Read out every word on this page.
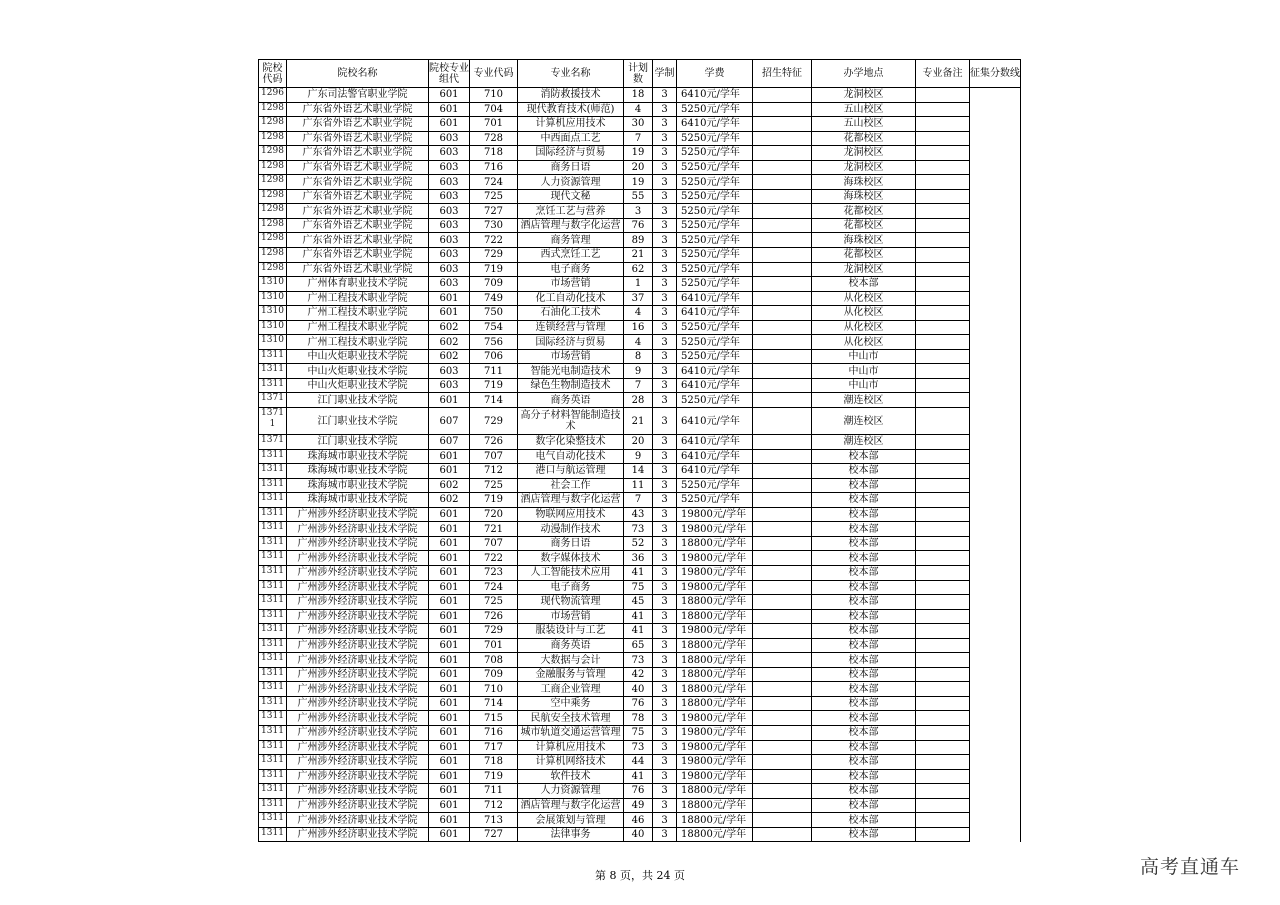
院校代码	院校名称	院校专业组代	专业代码	专业名称	计划数	学制	学费	招生特征	办学地点	专业备注	征集分数线
1296	广东司法警官职业学院	601	710	消防救援技术	18	3	6410元/学年		龙洞校区		
1298	广东省外语艺术职业学院	601	704	现代教育技术(师范)	4	3	5250元/学年		五山校区		
1298	广东省外语艺术职业学院	601	701	计算机应用技术	30	3	6410元/学年		五山校区		
1298	广东省外语艺术职业学院	603	728	中西面点工艺	7	3	5250元/学年		花都校区		
1298	广东省外语艺术职业学院	603	718	国际经济与贸易	19	3	5250元/学年		龙洞校区		
1298	广东省外语艺术职业学院	603	716	商务日语	20	3	5250元/学年		龙洞校区		
1298	广东省外语艺术职业学院	603	724	人力资源管理	19	3	5250元/学年		海珠校区		
1298	广东省外语艺术职业学院	603	725	现代文秘	55	3	5250元/学年		海珠校区		
1298	广东省外语艺术职业学院	603	727	烹饪工艺与营养	3	3	5250元/学年		花都校区		
1298	广东省外语艺术职业学院	603	730	酒店管理与数字化运营	76	3	5250元/学年		花都校区		
1298	广东省外语艺术职业学院	603	722	商务管理	89	3	5250元/学年		海珠校区		
1298	广东省外语艺术职业学院	603	729	西式烹饪工艺	21	3	5250元/学年		花都校区		
1298	广东省外语艺术职业学院	603	719	电子商务	62	3	5250元/学年		龙洞校区		
1310	广州体育职业技术学院	603	709	市场营销	1	3	5250元/学年		校本部		
1310	广州工程技术职业学院	601	749	化工自动化技术	37	3	6410元/学年		从化校区		
1310	广州工程技术职业学院	601	750	石油化工技术	4	3	6410元/学年		从化校区		
1310	广州工程技术职业学院	602	754	连锁经营与管理	16	3	5250元/学年		从化校区		
1310	广州工程技术职业学院	602	756	国际经济与贸易	4	3	5250元/学年		从化校区		
1311	中山火炬职业技术学院	602	706	市场营销	8	3	5250元/学年		中山市		
1311	中山火炬职业技术学院	603	711	智能光电制造技术	9	3	6410元/学年		中山市		
1311	中山火炬职业技术学院	603	719	绿色生物制造技术	7	3	6410元/学年		中山市		
1371	江门职业技术学院	601	714	商务英语	28	3	5250元/学年		潮连校区		
1371 1	江门职业技术学院	607	729	高分子材料智能制造技术	21	3	6410元/学年		潮连校区		
1371	江门职业技术学院	607	726	数字化染整技术	20	3	6410元/学年		潮连校区		
1311	珠海城市职业技术学院	601	707	电气自动化技术	9	3	6410元/学年		校本部		
1311	珠海城市职业技术学院	601	712	港口与航运管理	14	3	6410元/学年		校本部		
1311	珠海城市职业技术学院	602	725	社会工作	11	3	5250元/学年		校本部		
1311	珠海城市职业技术学院	602	719	酒店管理与数字化运营	7	3	5250元/学年		校本部		
1311	广州涉外经济职业技术学院	601	720	物联网应用技术	43	3	19800元/学年		校本部		
1311	广州涉外经济职业技术学院	601	721	动漫制作技术	73	3	19800元/学年		校本部		
1311	广州涉外经济职业技术学院	601	707	商务日语	52	3	18800元/学年		校本部		
1311	广州涉外经济职业技术学院	601	722	数字媒体技术	36	3	19800元/学年		校本部		
1311	广州涉外经济职业技术学院	601	723	人工智能技术应用	41	3	19800元/学年		校本部		
1311	广州涉外经济职业技术学院	601	724	电子商务	75	3	19800元/学年		校本部		
1311	广州涉外经济职业技术学院	601	725	现代物流管理	45	3	18800元/学年		校本部		
1311	广州涉外经济职业技术学院	601	726	市场营销	41	3	18800元/学年		校本部		
1311	广州涉外经济职业技术学院	601	729	服装设计与工艺	41	3	19800元/学年		校本部		
1311	广州涉外经济职业技术学院	601	701	商务英语	65	3	18800元/学年		校本部		
1311	广州涉外经济职业技术学院	601	708	大数据与会计	73	3	18800元/学年		校本部		
1311	广州涉外经济职业技术学院	601	709	金融服务与管理	42	3	18800元/学年		校本部		
1311	广州涉外经济职业技术学院	601	710	工商企业管理	40	3	18800元/学年		校本部		
1311	广州涉外经济职业技术学院	601	714	空中乘务	76	3	18800元/学年		校本部		
1311	广州涉外经济职业技术学院	601	715	民航安全技术管理	78	3	19800元/学年		校本部		
1311	广州涉外经济职业技术学院	601	716	城市轨道交通运营管理	75	3	19800元/学年		校本部		
1311	广州涉外经济职业技术学院	601	717	计算机应用技术	73	3	19800元/学年		校本部		
1311	广州涉外经济职业技术学院	601	718	计算机网络技术	44	3	19800元/学年		校本部		
1311	广州涉外经济职业技术学院	601	719	软件技术	41	3	19800元/学年		校本部		
1311	广州涉外经济职业技术学院	601	711	人力资源管理	76	3	18800元/学年		校本部		
1311	广州涉外经济职业技术学院	601	712	酒店管理与数字化运营	49	3	18800元/学年		校本部		
1311	广州涉外经济职业技术学院	601	713	会展策划与管理	46	3	18800元/学年		校本部		
1311	广州涉外经济职业技术学院	601	727	法律事务	40	3	18800元/学年		校本部		
第 8 页，共 24 页	高考直通车
